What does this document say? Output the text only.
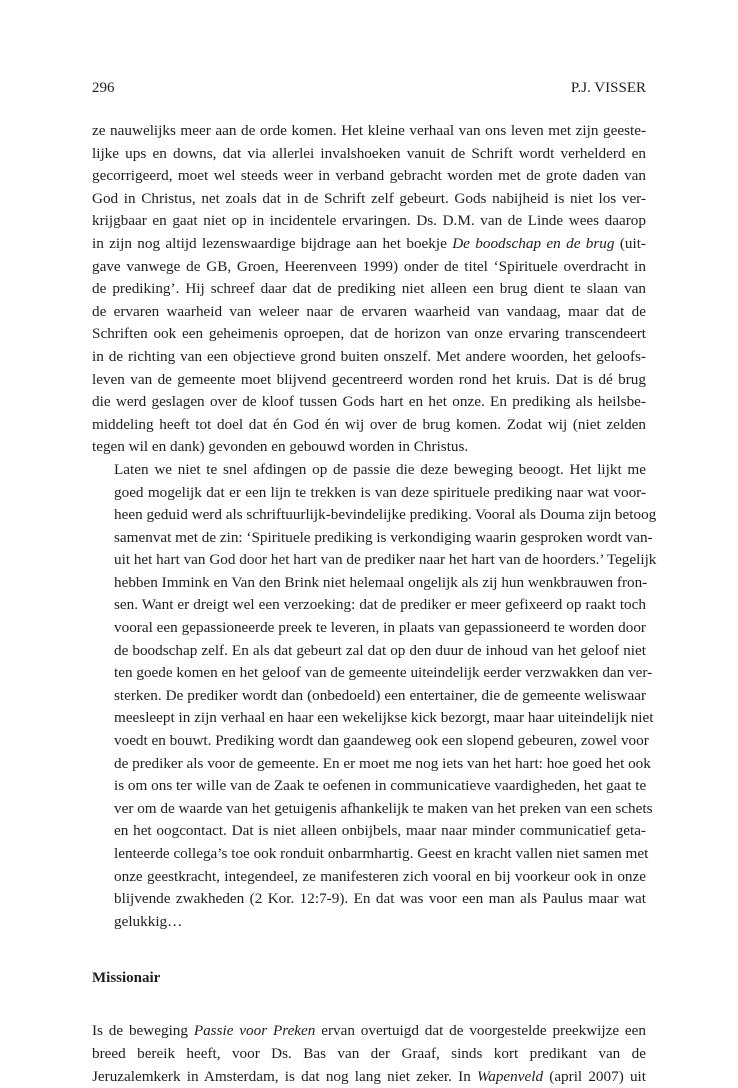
296	P.J. VISSER

ze nauwelijks meer aan de orde komen. Het kleine verhaal van ons leven met zijn geeste-
lijke ups en downs, dat via allerlei invalshoeken vanuit de Schrift wordt verhelderd en
gecorrigeerd, moet wel steeds weer in verband gebracht worden met de grote daden van
God in Christus, net zoals dat in de Schrift zelf gebeurt. Gods nabijheid is niet los ver-
krijgbaar en gaat niet op in incidentele ervaringen. Ds. D.M. van de Linde wees daarop
in zijn nog altijd lezenswaardige bijdrage aan het boekje De boodschap en de brug (uit-
gave vanwege de GB, Groen, Heerenveen 1999) onder de titel ‘Spirituele overdracht in
de prediking’. Hij schreef daar dat de prediking niet alleen een brug dient te slaan van
de ervaren waarheid van weleer naar de ervaren waarheid van vandaag, maar dat de
Schriften ook een geheimenis oproepen, dat de horizon van onze ervaring transcendeert
in de richting van een objectieve grond buiten onszelf. Met andere woorden, het geloofs-
leven van de gemeente moet blijvend gecentreerd worden rond het kruis. Dat is dé brug
die werd geslagen over de kloof tussen Gods hart en het onze. En prediking als heilsbe-
middeling heeft tot doel dat én God én wij over de brug komen. Zodat wij (niet zelden
tegen wil en dank) gevonden en gebouwd worden in Christus.

Laten we niet te snel afdingen op de passie die deze beweging beoogt. Het lijkt me
goed mogelijk dat er een lijn te trekken is van deze spirituele prediking naar wat voor-
heen geduid werd als schriftuurlijk-bevindelijke prediking. Vooral als Douma zijn betoog
samenvat met de zin: ‘Spirituele prediking is verkondiging waarin gesproken wordt van-
uit het hart van God door het hart van de prediker naar het hart van de hoorders.’ Tegelijk
hebben Immink en Van den Brink niet helemaal ongelijk als zij hun wenkbrauwen fron-
sen. Want er dreigt wel een verzoeking: dat de prediker er meer gefixeerd op raakt toch
vooral een gepassioneerde preek te leveren, in plaats van gepassioneerd te worden door
de boodschap zelf. En als dat gebeurt zal dat op den duur de inhoud van het geloof niet
ten goede komen en het geloof van de gemeente uiteindelijk eerder verzwakken dan ver-
sterken. De prediker wordt dan (onbedoeld) een entertainer, die de gemeente weliswaar
meesleept in zijn verhaal en haar een wekelijkse kick bezorgt, maar haar uiteindelijk niet
voedt en bouwt. Prediking wordt dan gaandeweg ook een slopend gebeuren, zowel voor
de prediker als voor de gemeente. En er moet me nog iets van het hart: hoe goed het ook
is om ons ter wille van de Zaak te oefenen in communicatieve vaardigheden, het gaat te
ver om de waarde van het getuigenis afhankelijk te maken van het preken van een schets
en het oogcontact. Dat is niet alleen onbijbels, maar naar minder communicatief geta-
lenteerde collega’s toe ook ronduit onbarmhartig. Geest en kracht vallen niet samen met
onze geestkracht, integendeel, ze manifesteren zich vooral en bij voorkeur ook in onze
blijvende zwakheden (2 Kor. 12:7-9). En dat was voor een man als Paulus maar wat
gelukkig…

Missionair

Is de beweging Passie voor Preken ervan overtuigd dat de voorgestelde preekwijze een
breed bereik heeft, voor Ds. Bas van der Graaf, sinds kort predikant van de
Jeruzalemkerk in Amsterdam, is dat nog lang niet zeker. In Wapenveld (april 2007) uit
